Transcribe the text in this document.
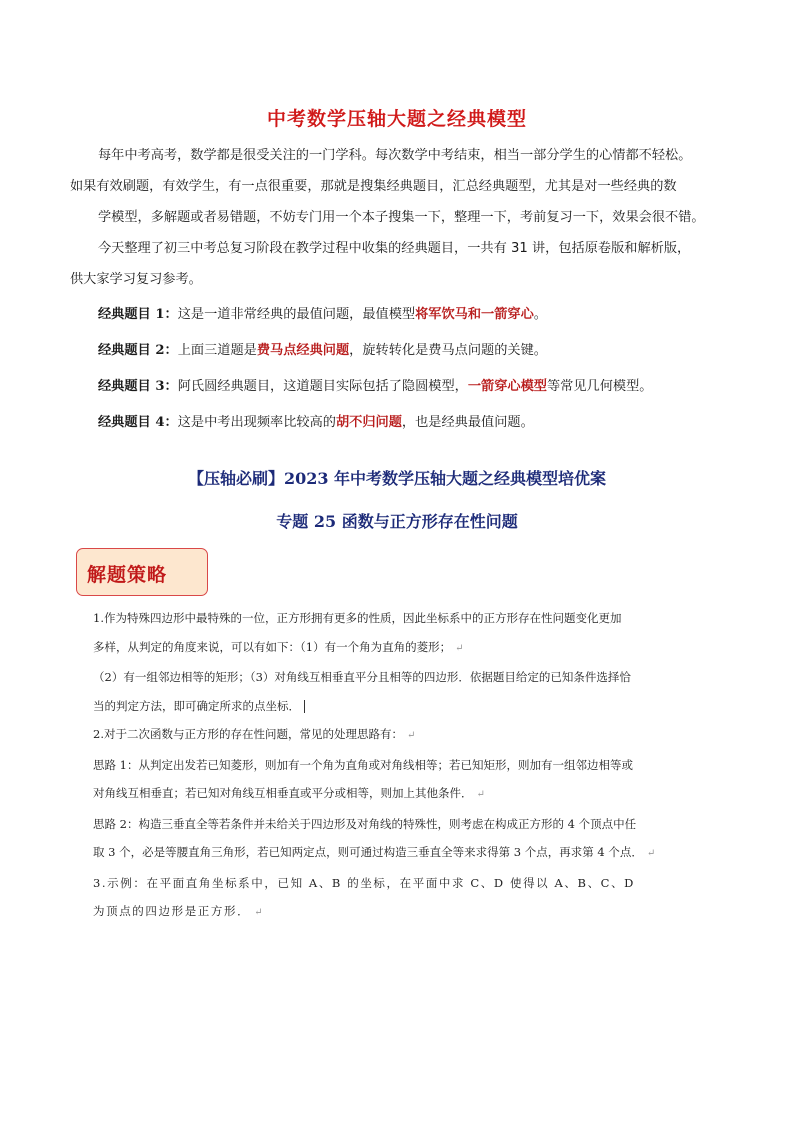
中考数学压轴大题之经典模型

每年中考高考，数学都是很受关注的一门学科。每次数学中考结束，相当一部分学生的心情都不轻松。

如果有效刷题，有效学生，有一点很重要，那就是搜集经典题目，汇总经典题型，尤其是对一些经典的数

学模型，多解题或者易错题，不妨专门用一个本子搜集一下，整理一下，考前复习一下，效果会很不错。

今天整理了初三中考总复习阶段在教学过程中收集的经典题目，一共有 31 讲，包括原卷版和解析版，

供大家学习复习参考。

经典题目 1：这是一道非常经典的最值问题，最值模型将军饮马和一箭穿心。
经典题目 2：上面三道题是费马点经典问题，旋转转化是费马点问题的关键。
经典题目 3：阿氏圆经典题目，这道题目实际包括了隐圆模型，一箭穿心模型等常见几何模型。
经典题目 4：这是中考出现频率比较高的胡不归问题，也是经典最值问题。
【压轴必刷】2023 年中考数学压轴大题之经典模型培优案
专题 25 函数与正方形存在性问题
解题策略
1.作为特殊四边形中最特殊的一位，正方形拥有更多的性质，因此坐标系中的正方形存在性问题变化更加
多样，从判定的角度来说，可以有如下：（1）有一个角为直角的菱形； ↵
（2）有一组邻边相等的矩形；（3）对角线互相垂直平分且相等的四边形．依据题目给定的已知条件选择恰
当的判定方法，即可确定所求的点坐标．
2.对于二次函数与正方形的存在性问题，常见的处理思路有： ↵
思路 1：从判定出发若已知菱形，则加有一个角为直角或对角线相等；若已知矩形，则加有一组邻边相等或
对角线互相垂直；若已知对角线互相垂直或平分或相等，则加上其他条件． ↵
思路 2：构造三垂直全等若条件并未给关于四边形及对角线的特殊性，则考虑在构成正方形的 4 个顶点中任
取 3 个，必是等腰直角三角形，若已知两定点，则可通过构造三垂直全等来求得第 3 个点，再求第 4 个点． ↵
3.示例：在平面直角坐标系中，已知 A、B 的坐标，在平面中求 C、D 使得以 A、B、C、D
为顶点的四边形是正方形． ↵
